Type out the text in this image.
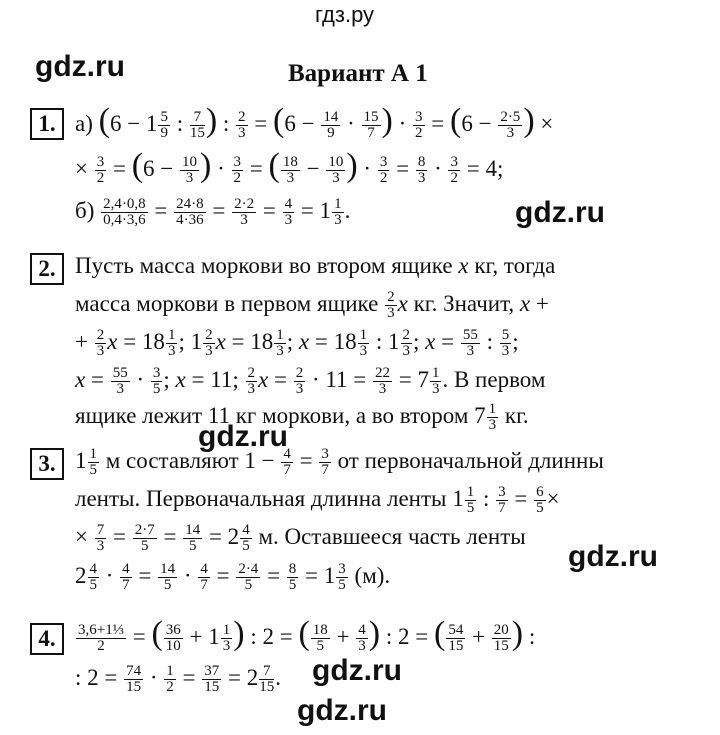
гдз.ру
gdz.ru	Вариант А 1
1. а) ($6 - 1 \frac{5}{9}$ : $\frac{7}{15}$ ) : $\frac{2}{3} = (6 - \frac{14}{9} \cdot \frac{15}{7}$ ) · $\frac{3}{2} = (6 - \frac{2\cdot 5}{3}$ ) ×
× $\frac{3}{2} = (6 - \frac{10}{3}$ ) · $\frac{3}{2}$ = ( $\frac{18}{3} - \frac{10}{3}$ ) · $\frac{3}{2} = \frac{8}{3} \cdot \frac{3}{2} = 4$;
$б) \frac{2,4\cdot 0,8}{0,4\cdot 3,6} = \frac{24\cdot 8}{4\cdot 36} = \frac{2\cdot 2}{3} = \frac{4}{3} = 1 \frac{1}{3}$ .	gdz.ru
2. Пусть масса моркови во втором ящике x кг, тогда
масса моркови в первом ящике $\frac{2}{3}$ x кг. Значит, x +
+ $\frac{2}{3}$ $x = 18 \frac{1}{3}$ ; $1 \frac{2}{3}$ $x = 18 \frac{1}{3}$ ; $x = 18 \frac{1}{3}$ : $1 \frac{2}{3}$ ; $x = \frac{55}{3}$ : $\frac{5}{3}$ ;
$x = \frac{55}{3} \cdot \frac{3}{5}$ ; x = 11; $\frac{2}{3}$ $x = \frac{2}{3} \cdot 11 = \frac{22}{3} = 7 \frac{1}{3}$ . В первом
ящике лежит 11 кг моркови, а во втором $7 \frac{1}{3}$ кг.
gdz.ru
3. $1 \frac{1}{5}$ м составляют $1 - \frac{4}{7} = \frac{3}{7}$ от первоначальной длинны
ленты. Первоначальная длинна ленты $1 \frac{1}{5}$ : $\frac{3}{7} = \frac{6}{5}$ ×
× $\frac{7}{3} = \frac{2\cdot 7}{5} = \frac{14}{5} = 2 \frac{4}{5} м$. Оставшееся часть ленты
gdz.ru
$2 \frac{4}{5} \cdot \frac{4}{7} = \frac{14}{5} \cdot \frac{4}{7} = \frac{2\cdot 4}{5} = \frac{8}{5} = 1 \frac{3}{5} (м)$.
4.	$\frac{\text{3,6+1⅓}}{2}$ = ( $\frac{36}{10} + 1 \frac{1}{3}$ ) : 2 = ( $\frac{18}{5} + \frac{4}{3}$ ) : 2 = ( $\frac{54}{15} + \frac{20}{15}$ ) :
: $2 = \frac{74}{15} \cdot \frac{1}{2} = \frac{37}{15} = 2 \frac{7}{15}$ . gdz.ru
gdz.ru
